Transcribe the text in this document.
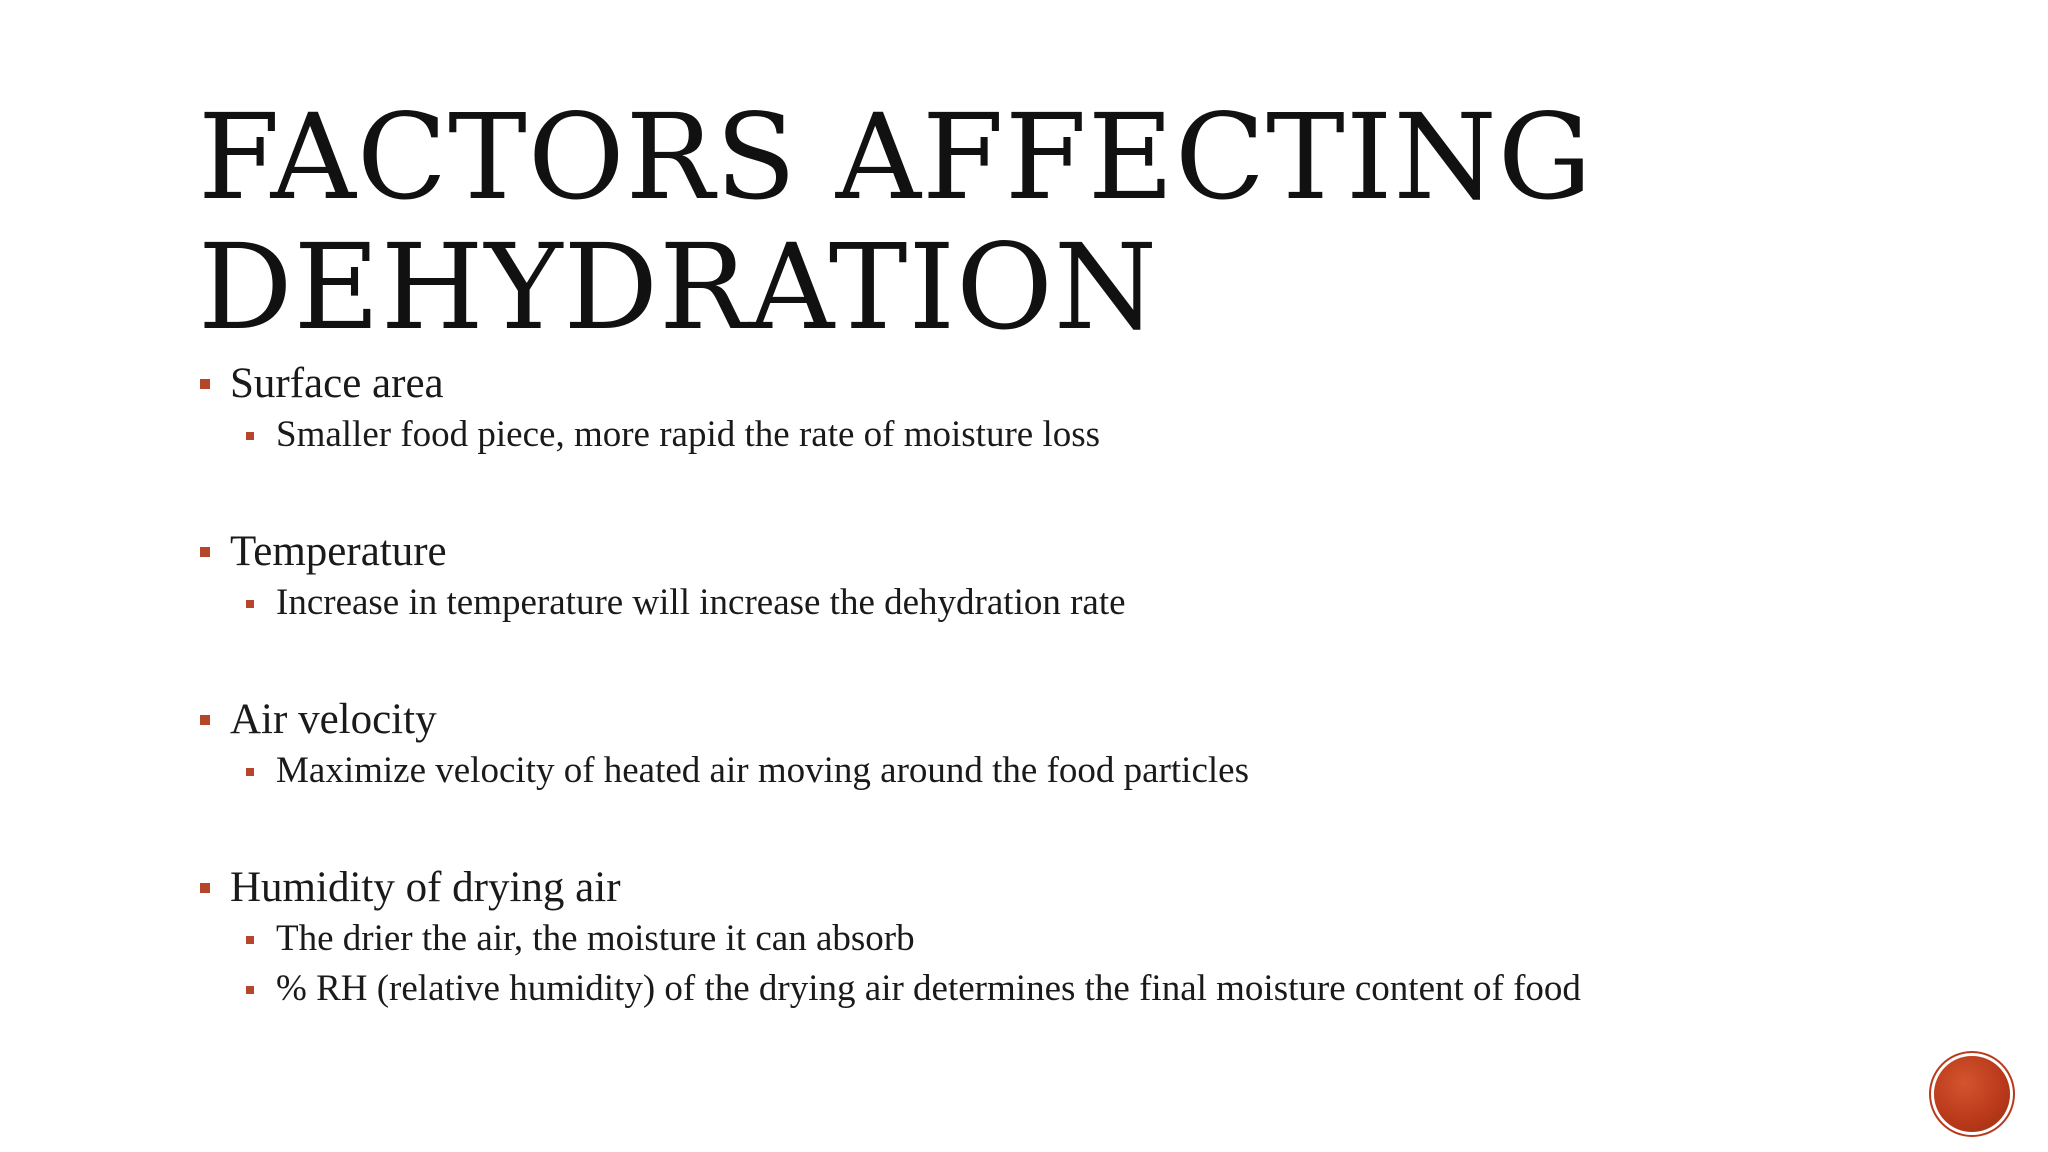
FACTORS AFFECTING
DEHYDRATION
Surface area
Smaller food piece, more rapid the rate of moisture loss
Temperature
Increase in temperature will increase the dehydration rate
Air velocity
Maximize velocity of heated air moving around the food particles
Humidity of drying air
The drier the air, the moisture it can absorb
% RH (relative humidity) of the drying air determines the final moisture content of food
